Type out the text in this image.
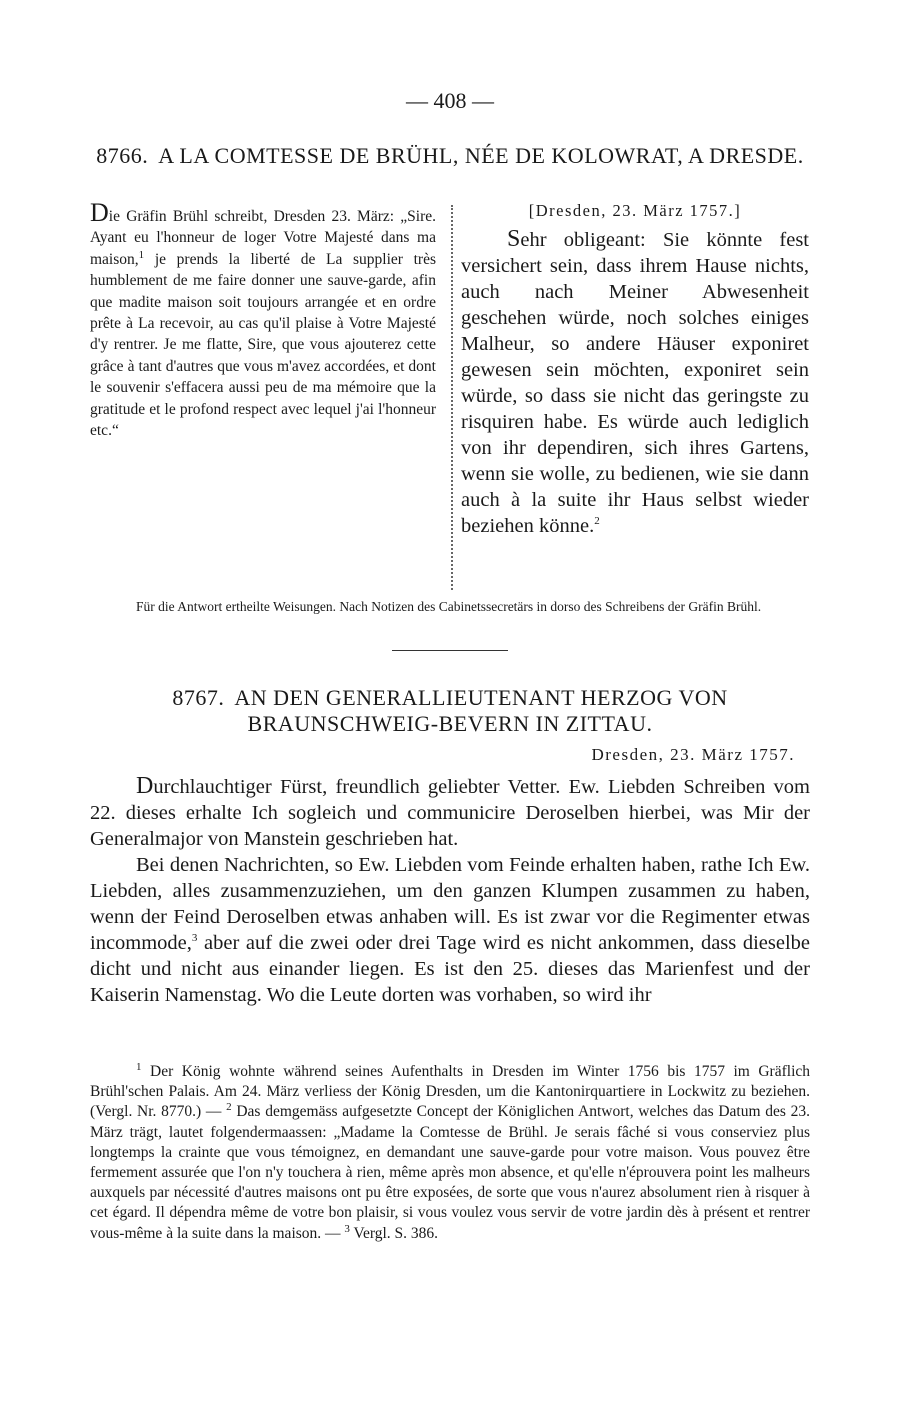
— 408 —
8766. A LA COMTESSE DE BRÜHL, NÉE DE KOLOWRAT, A DRESDE.
Die Gräfin Brühl schreibt, Dresden 23. März: „Sire. Ayant eu l'honneur de loger Votre Majesté dans ma maison,$^1$ je prends la liberté de La supplier très humblement de me faire donner une sauve-garde, afin que madite maison soit toujours arrangée et en ordre prête à La recevoir, au cas qu'il plaise à Votre Majesté d'y rentrer. Je me flatte, Sire, que vous ajouterez cette grâce à tant d'autres que vous m'avez accordées, et dont le souvenir s'effacera aussi peu de ma mémoire que la gratitude et le profond respect avec lequel j'ai l'honneur etc.“
[Dresden, 23. März 1757.]
Sehr obligeant: Sie könnte fest versichert sein, dass ihrem Hause nichts, auch nach Meiner Abwesenheit geschehen würde, noch solches einiges Malheur, so andere Häuser exponiret gewesen sein möchten, exponiret sein würde, so dass sie nicht das geringste zu risquiren habe. Es würde auch lediglich von ihr dependiren, sich ihres Gartens, wenn sie wolle, zu bedienen, wie sie dann auch à la suite ihr Haus selbst wieder beziehen könne.$^2$
Für die Antwort ertheilte Weisungen. Nach Notizen des Cabinetssecretärs in dorso des Schreibens der Gräfin Brühl.
8767. AN DEN GENERALLIEUTENANT HERZOG VON BRAUNSCHWEIG-BEVERN IN ZITTAU.
Dresden, 23. März 1757.

Durchlauchtiger Fürst, freundlich geliebter Vetter. Ew. Liebden Schreiben vom 22. dieses erhalte Ich sogleich und communicire Deroselben hierbei, was Mir der Generalmajor von Manstein geschrieben hat.

Bei denen Nachrichten, so Ew. Liebden vom Feinde erhalten haben, rathe Ich Ew. Liebden, alles zusammenzuziehen, um den ganzen Klumpen zusammen zu haben, wenn der Feind Deroselben etwas anhaben will. Es ist zwar vor die Regimenter etwas incommode,$^3$ aber auf die zwei oder drei Tage wird es nicht ankommen, dass dieselbe dicht und nicht aus einander liegen. Es ist den 25. dieses das Marienfest und der Kaiserin Namenstag. Wo die Leute dorten was vorhaben, so wird ihr

$^1$ Der König wohnte während seines Aufenthalts in Dresden im Winter 1756 bis 1757 im Gräflich Brühl'schen Palais. Am 24. März verliess der König Dresden, um die Kantonirquartiere in Lockwitz zu beziehen. (Vergl. Nr. 8770.) — $^2$ Das demgemäss aufgesetzte Concept der Königlichen Antwort, welches das Datum des 23. März trägt, lautet folgendermaassen: „Madame la Comtesse de Brühl. Je serais fâché si vous conserviez plus longtemps la crainte que vous témoignez, en demandant une sauve-garde pour votre maison. Vous pouvez être fermement assurée que l'on n'y touchera à rien, même après mon absence, et qu'elle n'éprouvera point les malheurs auxquels par nécessité d'autres maisons ont pu être exposées, de sorte que vous n'aurez absolument rien à risquer à cet égard. Il dépendra même de votre bon plaisir, si vous voulez vous servir de votre jardin dès à présent et rentrer vous-même à la suite dans la maison. — $^3$ Vergl. S. 386.
